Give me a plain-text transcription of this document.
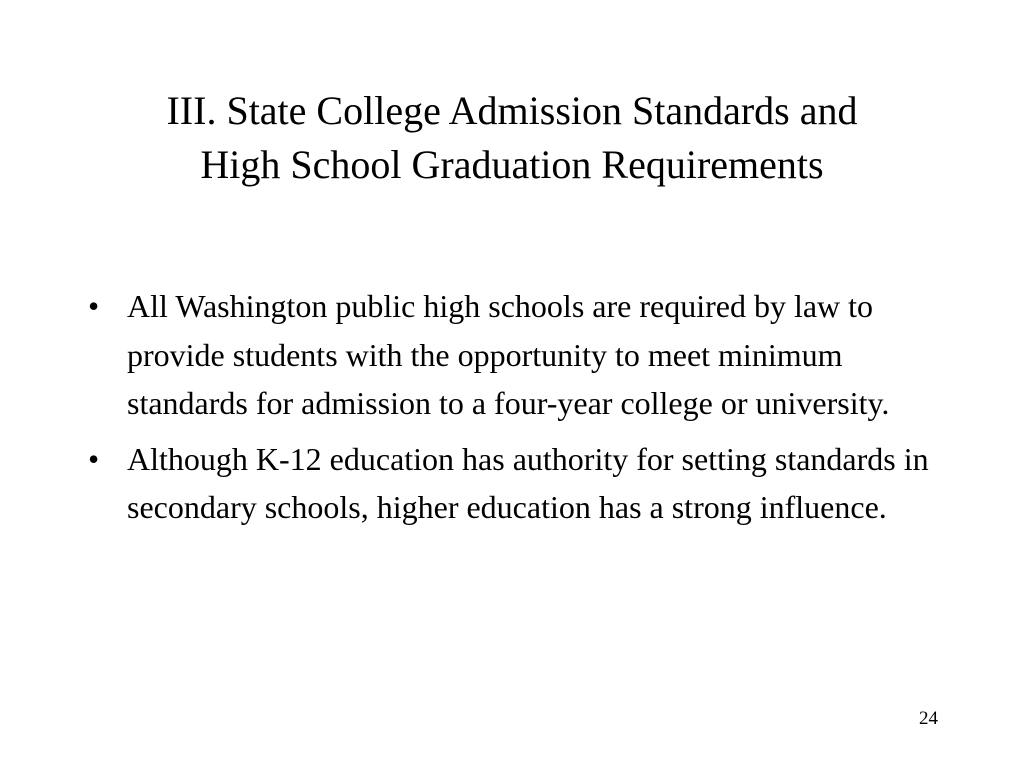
III. State College Admission Standards and
High School Graduation Requirements
• All Washington public high schools are required by law to provide students with the opportunity to meet minimum standards for admission to a four-year college or university.
• Although K-12 education has authority for setting standards in secondary schools, higher education has a strong influence.
24
